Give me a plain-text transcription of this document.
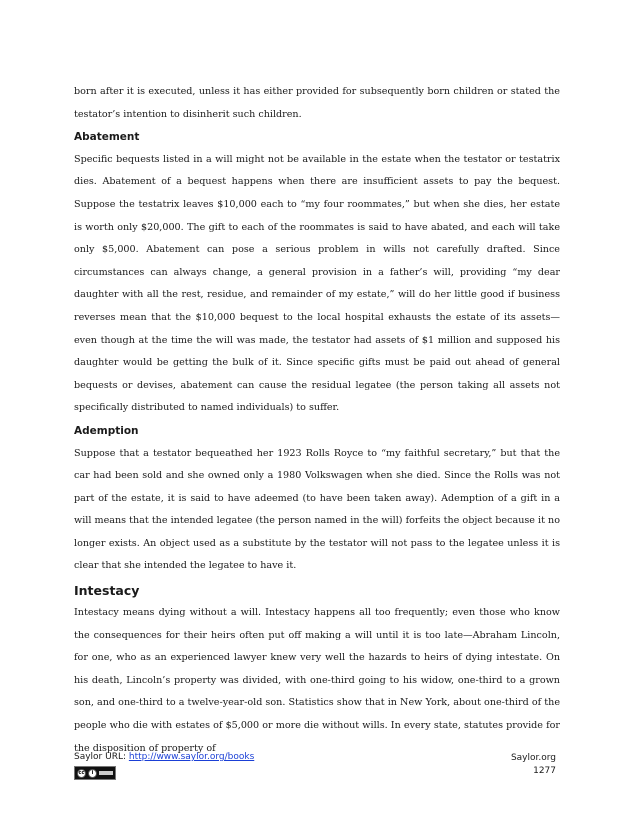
born after it is executed, unless it has either provided for subsequently born children or stated the testator’s intention to disinherit such children.

Abatement

Specific bequests listed in a will might not be available in the estate when the testator or testatrix dies. Abatement of a bequest happens when there are insufficient assets to pay the bequest. Suppose the testatrix leaves $10,000 each to “my four roommates,” but when she dies, her estate is worth only $20,000. The gift to each of the roommates is said to have abated, and each will take only $5,000. Abatement can pose a serious problem in wills not carefully drafted. Since circumstances can always change, a general provision in a father’s will, providing “my dear daughter with all the rest, residue, and remainder of my estate,” will do her little good if business reverses mean that the $10,000 bequest to the local hospital exhausts the estate of its assets—even though at the time the will was made, the testator had assets of $1 million and supposed his daughter would be getting the bulk of it. Since specific gifts must be paid out ahead of general bequests or devises, abatement can cause the residual legatee (the person taking all assets not specifically distributed to named individuals) to suffer.

Ademption

Suppose that a testator bequeathed her 1923 Rolls Royce to “my faithful secretary,” but that the car had been sold and she owned only a 1980 Volkswagen when she died. Since the Rolls was not part of the estate, it is said to have adeemed (to have been taken away). Ademption of a gift in a will means that the intended legatee (the person named in the will) forfeits the object because it no longer exists. An object used as a substitute by the testator will not pass to the legatee unless it is clear that she intended the legatee to have it.

Intestacy

Intestacy means dying without a will. Intestacy happens all too frequently; even those who know the consequences for their heirs often put off making a will until it is too late—Abraham Lincoln, for one, who as an experienced lawyer knew very well the hazards to heirs of dying intestate. On his death, Lincoln’s property was divided, with one-third going to his widow, one-third to a grown son, and one-third to a twelve-year-old son. Statistics show that in New York, about one-third of the people who die with estates of $5,000 or more die without wills. In every state, statutes provide for the disposition of property of

Saylor URL: http://www.saylor.org/books
cc	i
Saylor.org
1277
